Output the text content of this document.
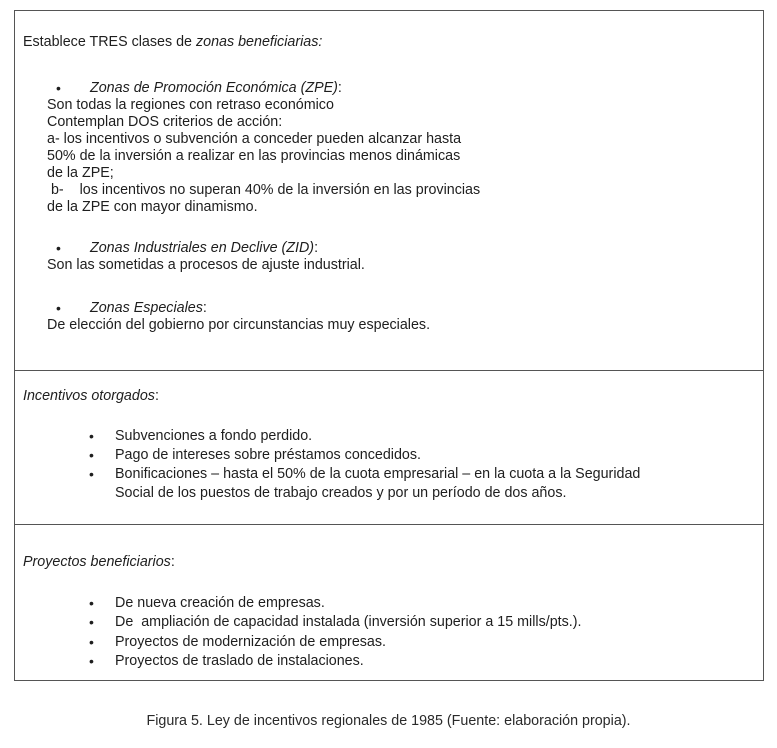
Establece TRES clases de zonas beneficiarias:
• Zonas de Promoción Económica (ZPE):
Son todas la regiones con retraso económico
Contemplan DOS criterios de acción:
a- los incentivos o subvención a conceder pueden alcanzar hasta
50% de la inversión a realizar en las provincias menos dinámicas
de la ZPE;
b-    los incentivos no superan 40% de la inversión en las provincias
de la ZPE con mayor dinamismo.
• Zonas Industriales en Declive (ZID):
Son las sometidas a procesos de ajuste industrial.
• Zonas Especiales:
De elección del gobierno por circunstancias muy especiales.
Incentivos otorgados:
• Subvenciones a fondo perdido.
• Pago de intereses sobre préstamos concedidos.
• Bonificaciones – hasta el 50% de la cuota empresarial – en la cuota a la Seguridad
Social de los puestos de trabajo creados y por un período de dos años.
Proyectos beneficiarios:
• De nueva creación de empresas.
• De  ampliación de capacidad instalada (inversión superior a 15 mills/pts.).
• Proyectos de modernización de empresas.
• Proyectos de traslado de instalaciones.
Figura 5. Ley de incentivos regionales de 1985 (Fuente: elaboración propia).
